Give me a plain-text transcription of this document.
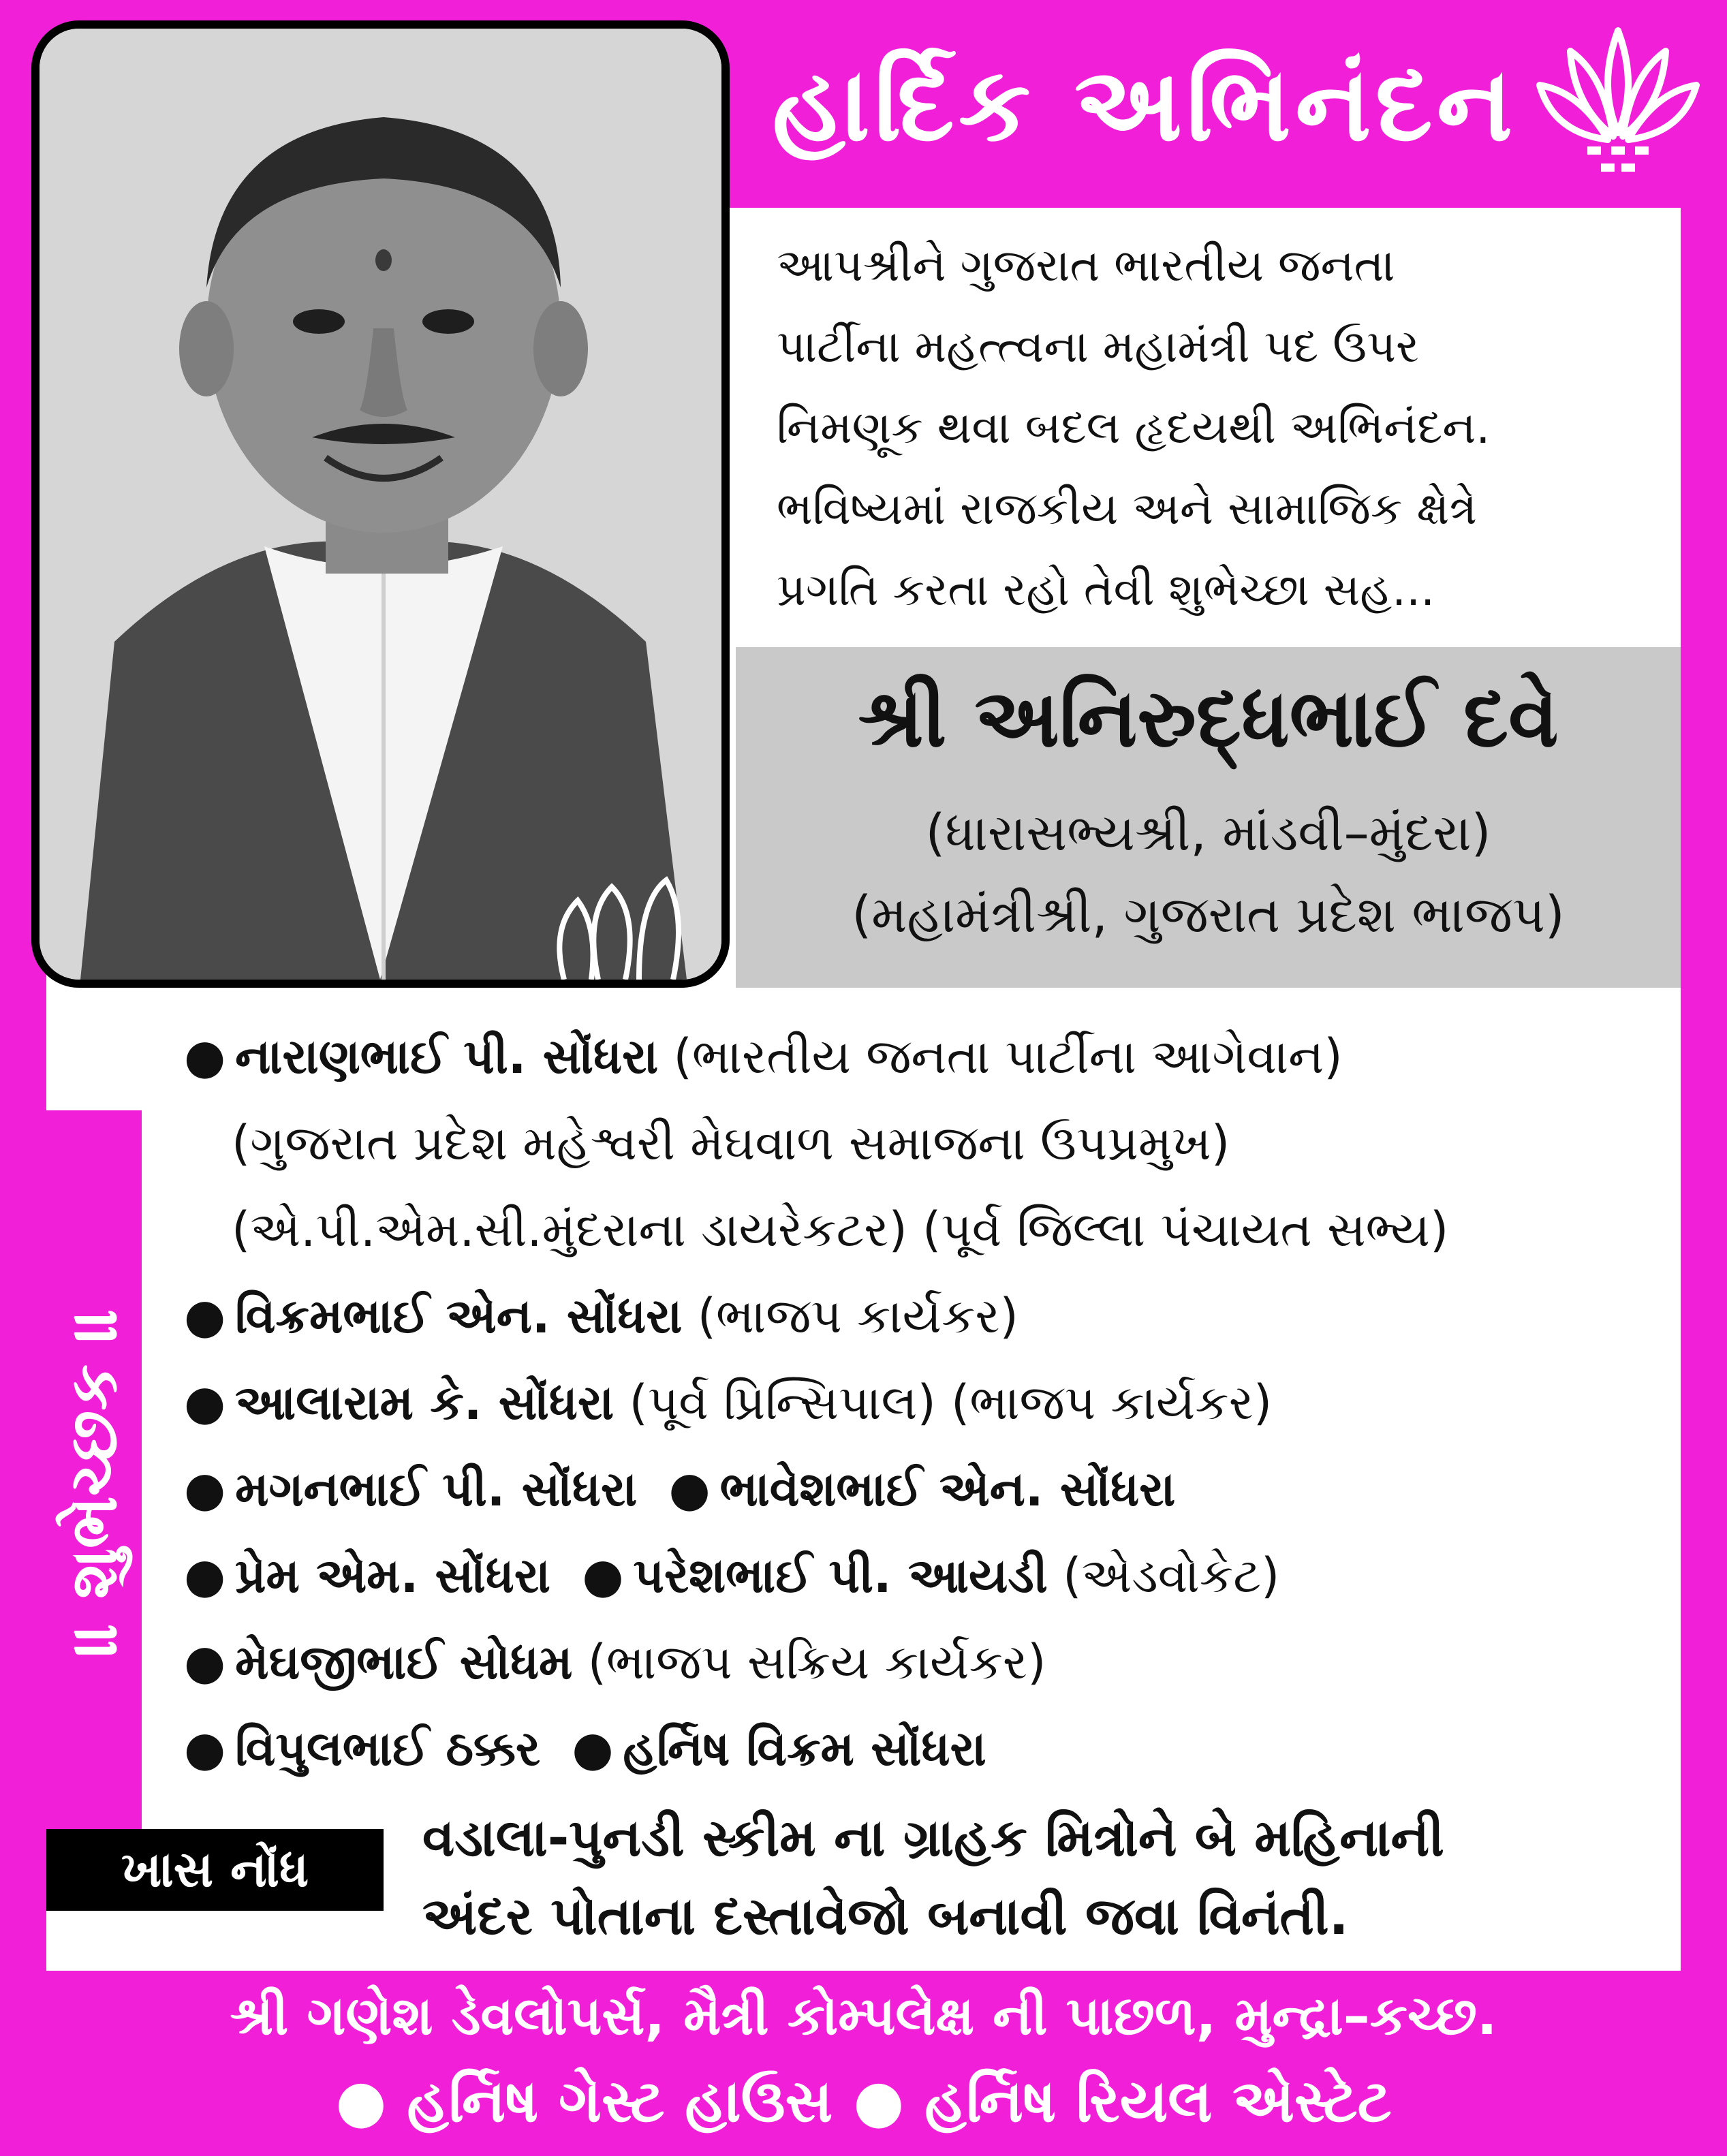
હાર્દિક અભિનંદન
આપશ્રીને ગુજરાત ભારતીય જનતા
પાર્ટીના મહત્ત્વના મહામંત્રી પદ ઉપર
નિમણૂક થવા બદલ હૃદયથી અભિનંદન.
ભવિષ્યમાં રાજકીય અને સામાજિક ક્ષેત્રે
પ્રગતિ કરતા રહો તેવી શુભેચ્છા સહ...
શ્રી અનિરુદ્ધભાઈ દવે
(ધારાસભ્યશ્રી, માંડવી–મુંદરા)
(મહામંત્રીશ્રી, ગુજરાત પ્રદેશ ભાજપ)
॥ શુભેચ્છક ॥
● નારાણભાઈ પી. સોંધરા (ભારતીય જનતા પાર્ટીના આગેવાન)
(ગુજરાત પ્રદેશ મહેશ્વરી મેઘવાળ સમાજના ઉપપ્રમુખ)
(એ.પી.એમ.સી.મુંદરાના ડાયરેકટર) (પૂર્વ જિલ્લા પંચાયત સભ્ય)
● વિક્રમભાઈ એન. સોંધરા (ભાજપ કાર્યકર)
● આલારામ કે. સોંધરા (પૂર્વ પ્રિન્સિપાલ) (ભાજપ કાર્યકર)
● મગનભાઈ પી. સોંધરા ● ભાવેશભાઈ એન. સોંધરા
● પ્રેમ એમ. સોંધરા ● પરેશભાઈ પી. આયડી (એડવોકેટ)
● મેઘજીભાઈ સોધમ (ભાજપ સક્રિય કાર્યકર)
● વિપુલભાઈ ઠક્કર ● હર્નિષ વિક્રમ સોંધરા
ખાસ નોંધ
વડાલા-પુનડી સ્કીમ ના ગ્રાહક મિત્રોને બે મહિનાની
અંદર પોતાના દસ્તાવેજો બનાવી જવા વિનંતી.
શ્રી ગણેશ ડેવલોપર્સ, મૈત્રી કોમ્પલેક્ષ ની પાછળ, મુન્દ્રા–કચ્છ.
● હર્નિષ ગેસ્ટ હાઉસ ● હર્નિષ રિયલ એસ્ટેટ
